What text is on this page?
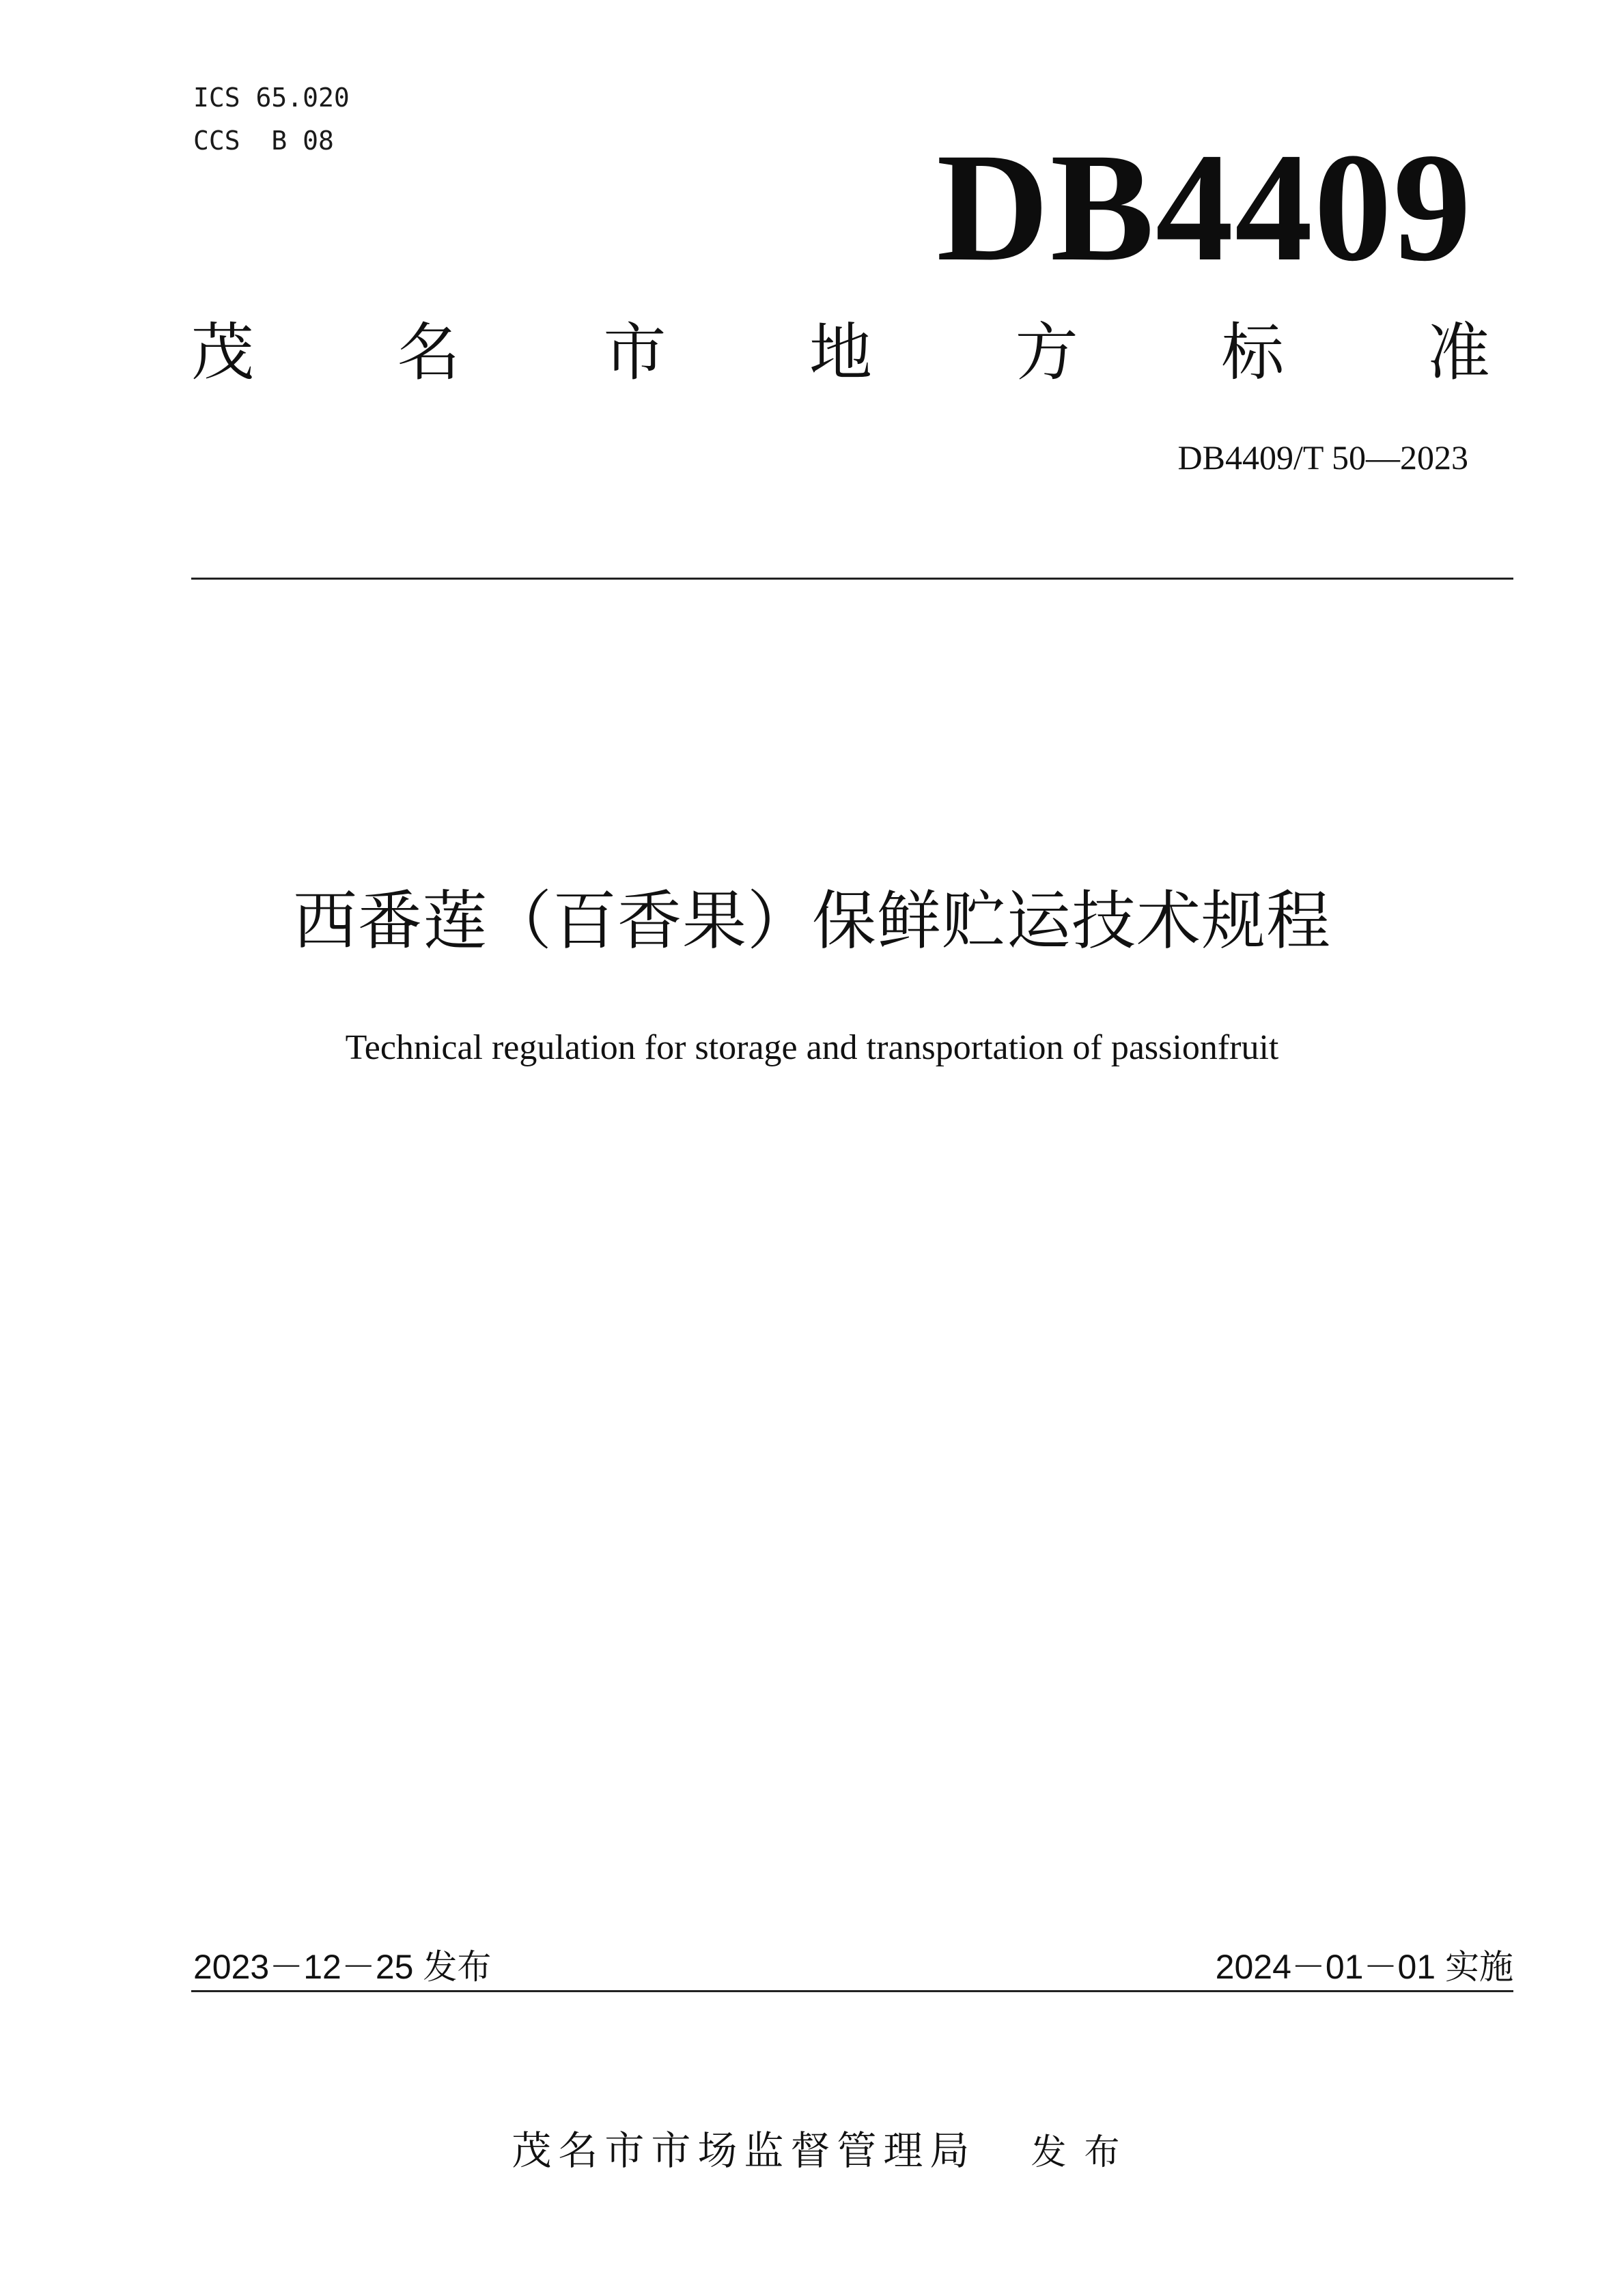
ICS 65.020
CCS  B 08	DB4409
茂 名 市 地 方 标 准
DB4409/T 50—2023
西番莲（百香果）保鲜贮运技术规程
Technical regulation for storage and transportation of passionfruit
2023－12－25 发布	2024－01－01 实施

茂名市市场监督管理局 发布
